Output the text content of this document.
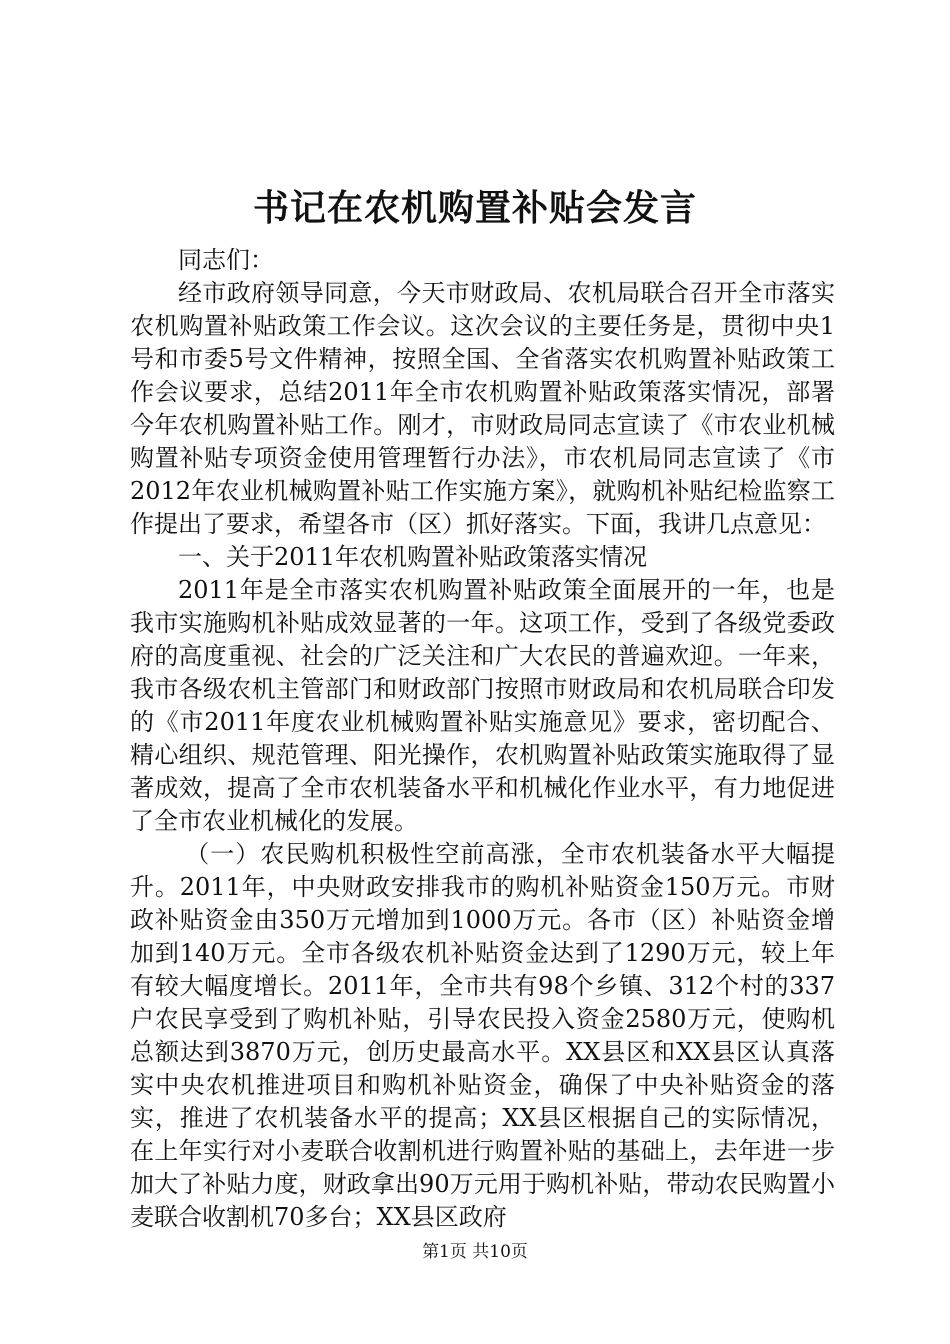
书记在农机购置补贴会发言

同志们：

经市政府领导同意，今天市财政局、农机局联合召开全市落实农机购置补贴政策工作会议。这次会议的主要任务是，贯彻中央1号和市委5号文件精神，按照全国、全省落实农机购置补贴政策工作会议要求，总结2011年全市农机购置补贴政策落实情况，部署今年农机购置补贴工作。刚才，市财政局同志宣读了《市农业机械购置补贴专项资金使用管理暂行办法》，市农机局同志宣读了《市2012年农业机械购置补贴工作实施方案》，就购机补贴纪检监察工作提出了要求，希望各市（区）抓好落实。下面，我讲几点意见：

一、关于2011年农机购置补贴政策落实情况

2011年是全市落实农机购置补贴政策全面展开的一年，也是我市实施购机补贴成效显著的一年。这项工作，受到了各级党委政府的高度重视、社会的广泛关注和广大农民的普遍欢迎。一年来，我市各级农机主管部门和财政部门按照市财政局和农机局联合印发的《市2011年度农业机械购置补贴实施意见》要求，密切配合、精心组织、规范管理、阳光操作，农机购置补贴政策实施取得了显著成效，提高了全市农机装备水平和机械化作业水平，有力地促进了全市农业机械化的发展。

（一）农民购机积极性空前高涨，全市农机装备水平大幅提升。2011年，中央财政安排我市的购机补贴资金150万元。市财政补贴资金由350万元增加到1000万元。各市（区）补贴资金增加到140万元。全市各级农机补贴资金达到了1290万元，较上年有较大幅度增长。2011年，全市共有98个乡镇、312个村的337户农民享受到了购机补贴，引导农民投入资金2580万元，使购机总额达到3870万元，创历史最高水平。XX县区和XX县区认真落实中央农机推进项目和购机补贴资金，确保了中央补贴资金的落实，推进了农机装备水平的提高；XX县区根据自己的实际情况，在上年实行对小麦联合收割机进行购置补贴的基础上，去年进一步加大了补贴力度，财政拿出90万元用于购机补贴，带动农民购置小麦联合收割机70多台；XX县区政府

第1页 共10页
